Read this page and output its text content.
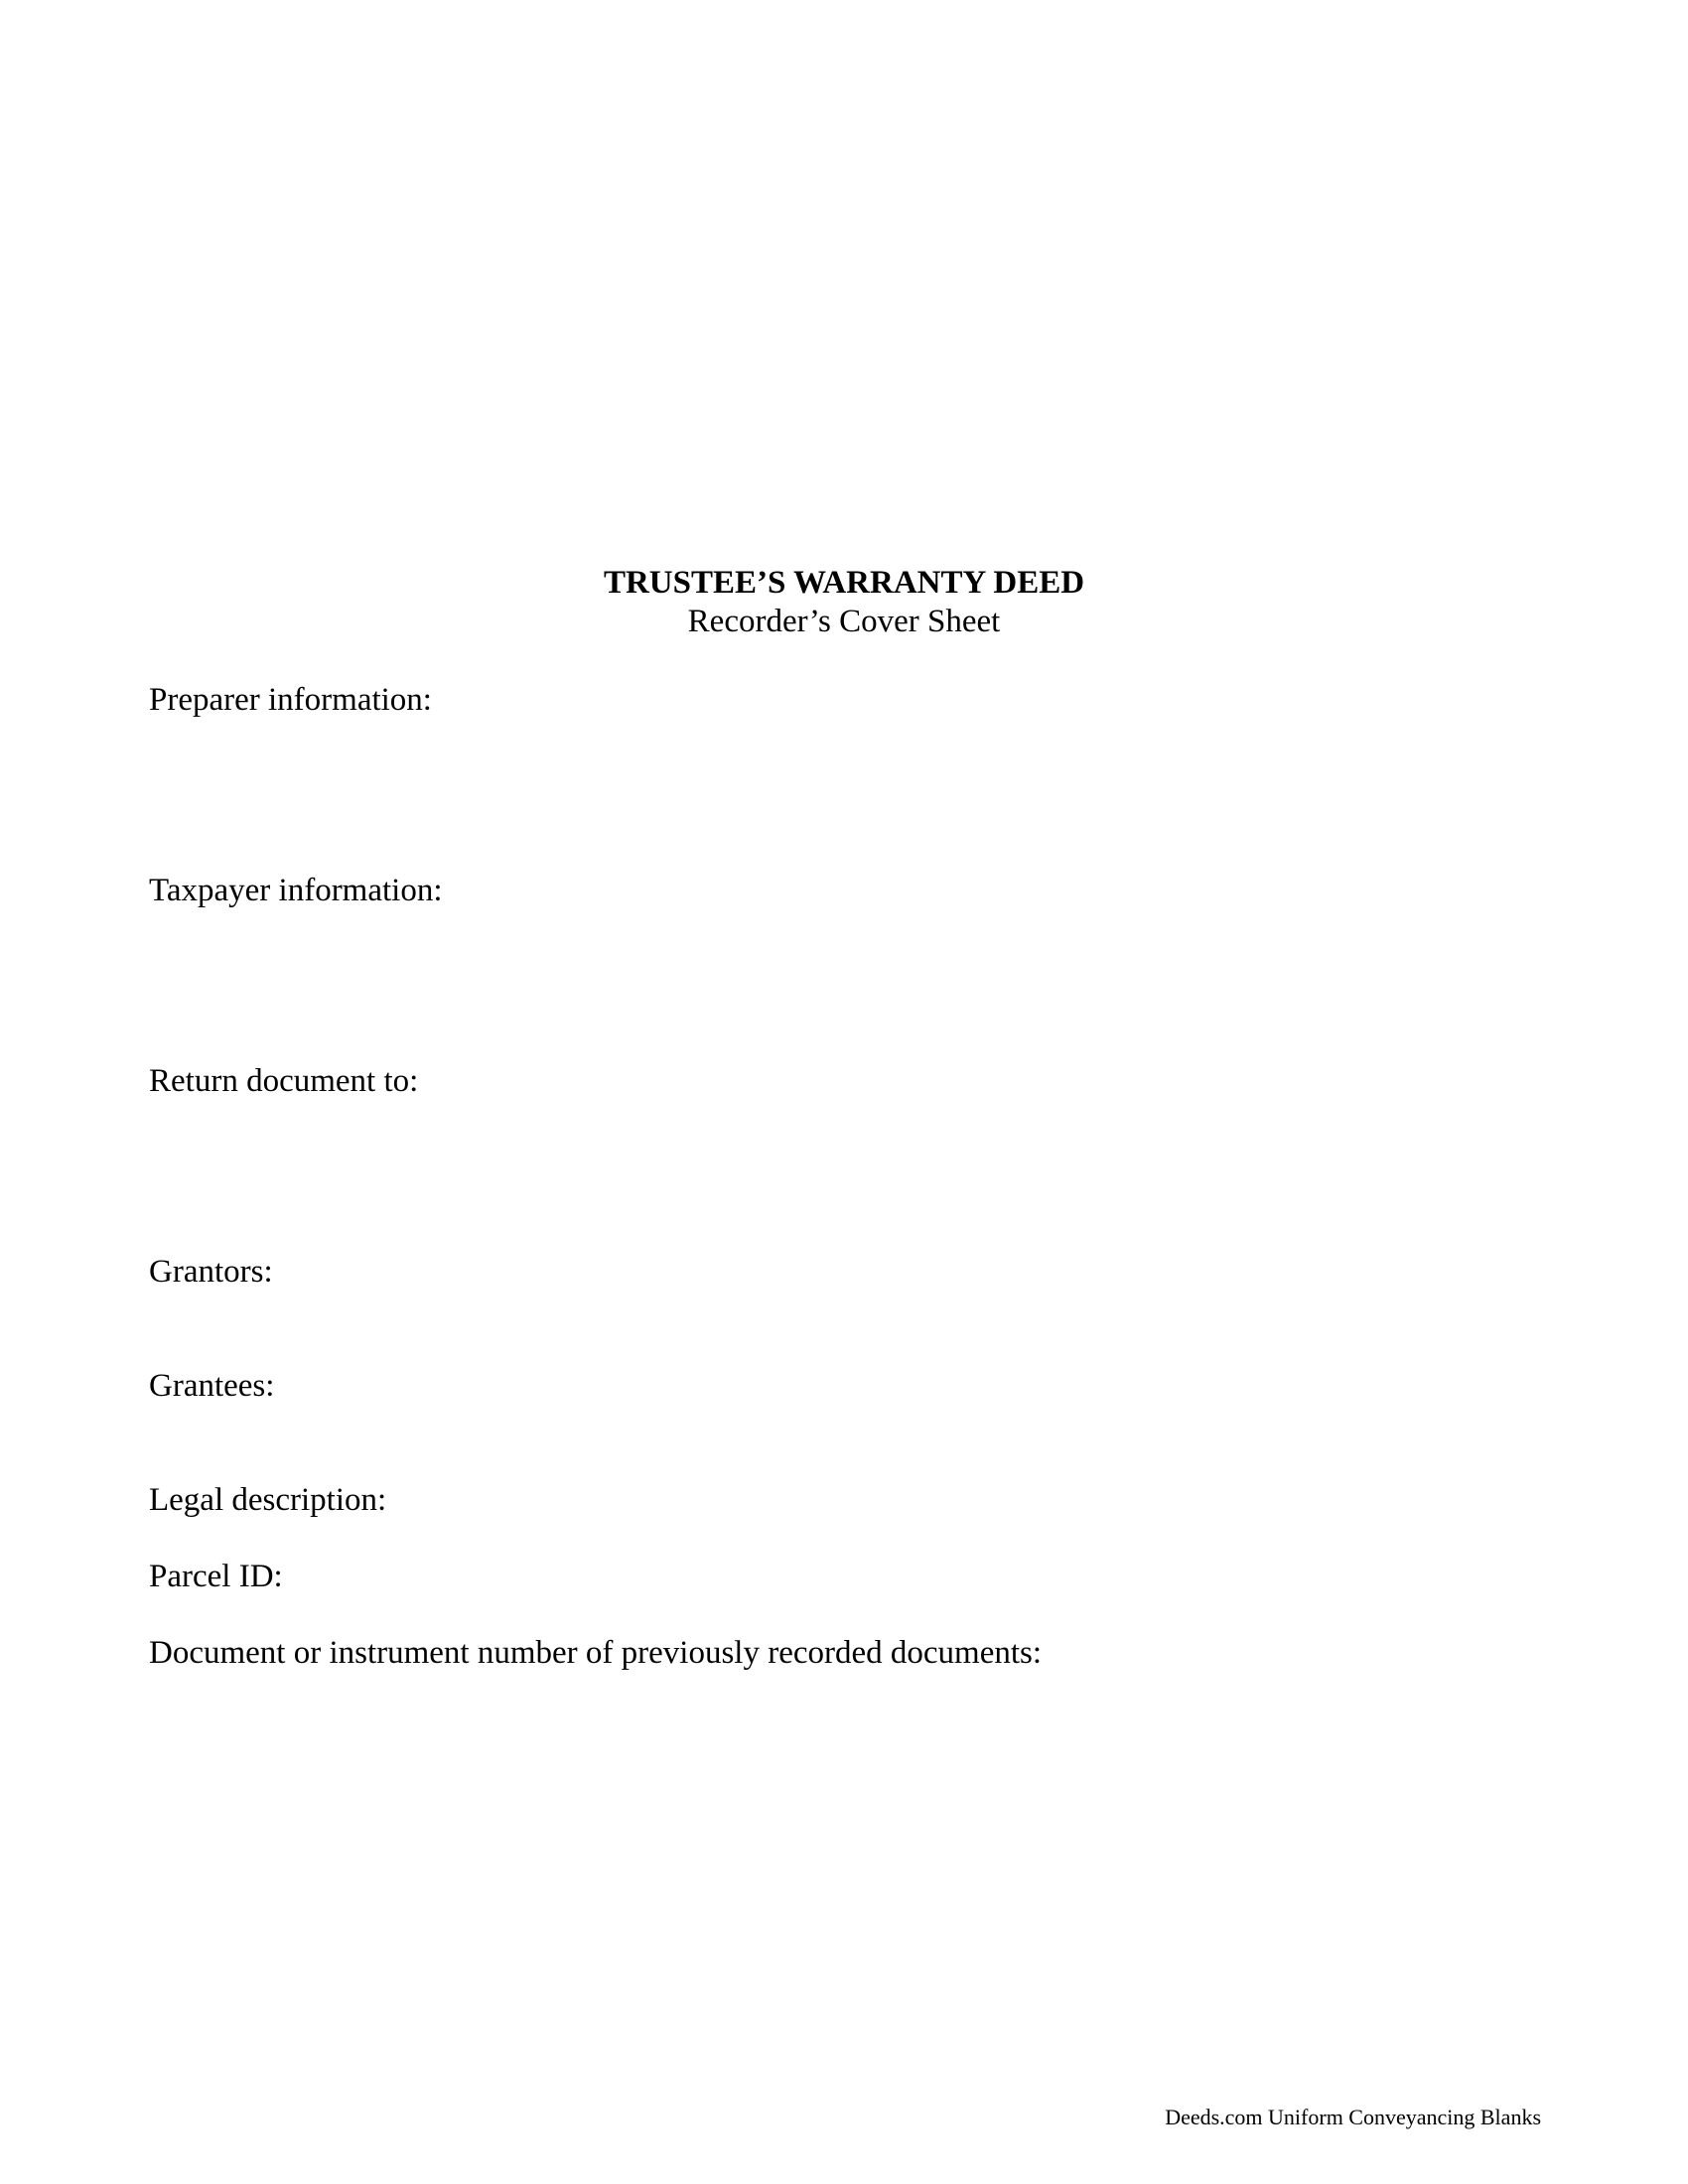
TRUSTEE’S WARRANTY DEED
Recorder’s Cover Sheet
Preparer information:
Taxpayer information:
Return document to:
Grantors:
Grantees:
Legal description:
Parcel ID:
Document or instrument number of previously recorded documents:
Deeds.com Uniform Conveyancing Blanks
